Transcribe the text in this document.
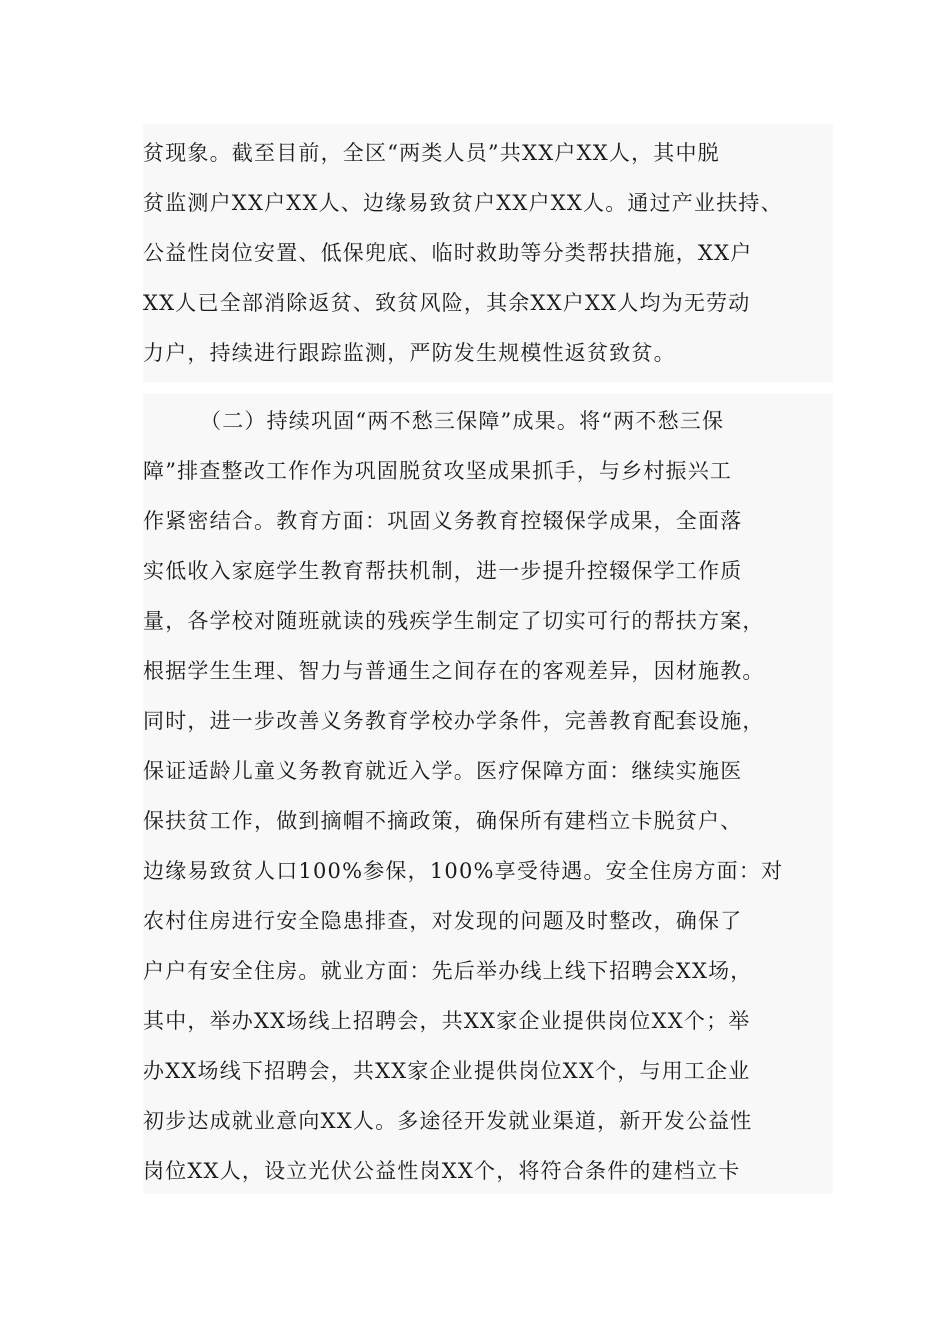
贫现象。截至目前，全区“两类人员”共XX户XX人，其中脱
贫监测户XX户XX人、边缘易致贫户XX户XX人。通过产业扶持、
公益性岗位安置、低保兜底、临时救助等分类帮扶措施，XX户
XX人已全部消除返贫、致贫风险，其余XX户XX人均为无劳动
力户，持续进行跟踪监测，严防发生规模性返贫致贫。
（二）持续巩固“两不愁三保障”成果。将“两不愁三保
障”排查整改工作作为巩固脱贫攻坚成果抓手，与乡村振兴工
作紧密结合。教育方面：巩固义务教育控辍保学成果，全面落
实低收入家庭学生教育帮扶机制，进一步提升控辍保学工作质
量，各学校对随班就读的残疾学生制定了切实可行的帮扶方案，
根据学生生理、智力与普通生之间存在的客观差异，因材施教。
同时，进一步改善义务教育学校办学条件，完善教育配套设施，
保证适龄儿童义务教育就近入学。医疗保障方面：继续实施医
保扶贫工作，做到摘帽不摘政策，确保所有建档立卡脱贫户、
边缘易致贫人口100%参保，100%享受待遇。安全住房方面：对
农村住房进行安全隐患排查，对发现的问题及时整改，确保了
户户有安全住房。就业方面：先后举办线上线下招聘会XX场，
其中，举办XX场线上招聘会，共XX家企业提供岗位XX个；举
办XX场线下招聘会，共XX家企业提供岗位XX个，与用工企业
初步达成就业意向XX人。多途径开发就业渠道，新开发公益性
岗位XX人，设立光伏公益性岗XX个，将符合条件的建档立卡
